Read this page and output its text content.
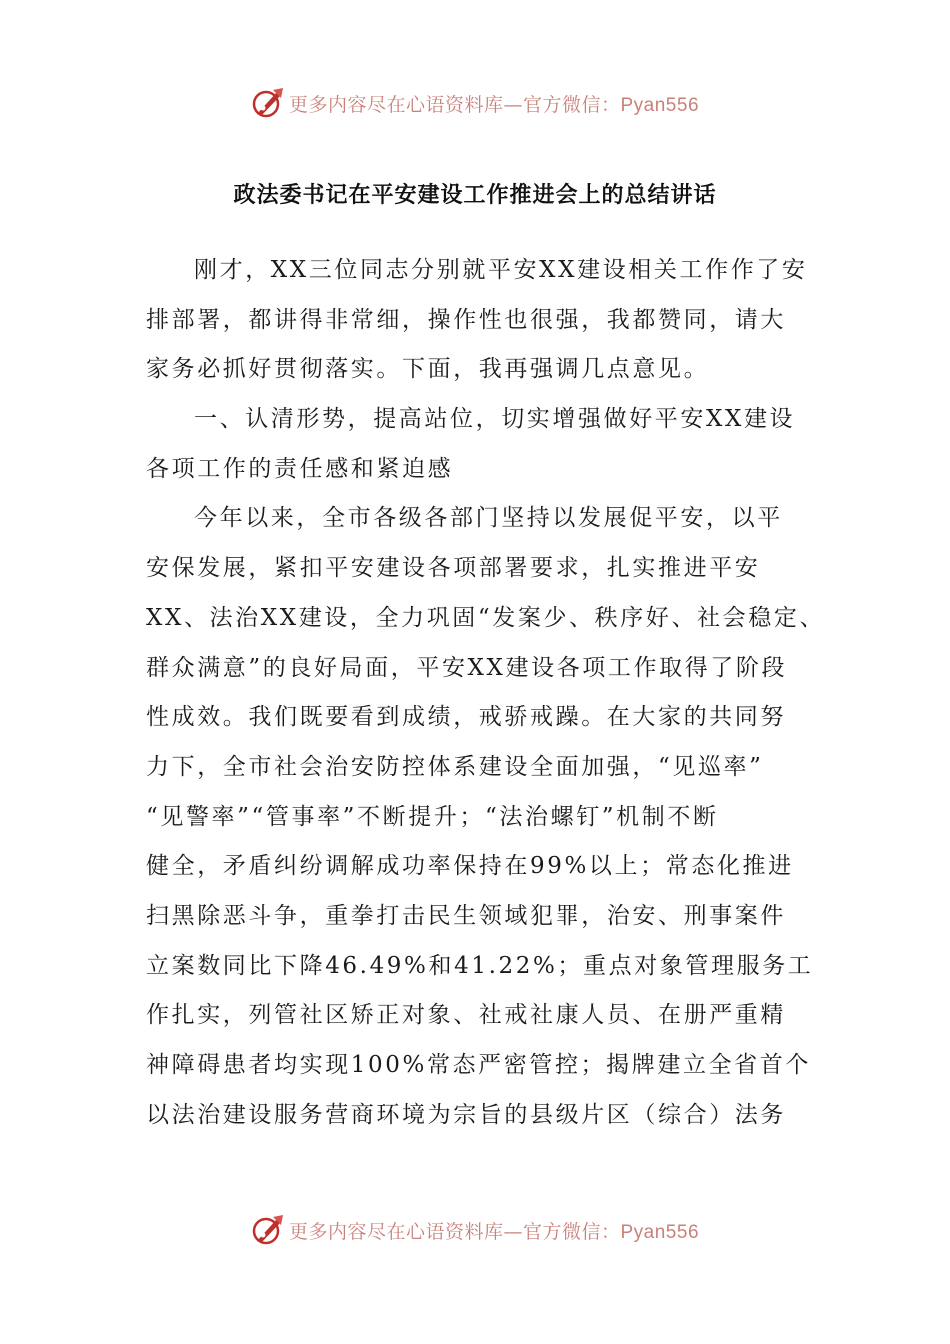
更多内容尽在心语资料库—官方微信：Pyan556
政法委书记在平安建设工作推进会上的总结讲话
刚才，XX三位同志分别就平安XX建设相关工作作了安
排部署，都讲得非常细，操作性也很强，我都赞同，请大
家务必抓好贯彻落实。下面，我再强调几点意见。
一、认清形势，提高站位，切实增强做好平安XX建设
各项工作的责任感和紧迫感
今年以来，全市各级各部门坚持以发展促平安，以平
安保发展，紧扣平安建设各项部署要求，扎实推进平安
XX、法治XX建设，全力巩固“发案少、秩序好、社会稳定、
群众满意”的良好局面，平安XX建设各项工作取得了阶段
性成效。我们既要看到成绩，戒骄戒躁。在大家的共同努
力下，全市社会治安防控体系建设全面加强，“见巡率”
“见警率”“管事率”不断提升；“法治螺钉”机制不断
健全，矛盾纠纷调解成功率保持在99%以上；常态化推进
扫黑除恶斗争，重拳打击民生领域犯罪，治安、刑事案件
立案数同比下降46.49%和41.22%；重点对象管理服务工
作扎实，列管社区矫正对象、社戒社康人员、在册严重精
神障碍患者均实现100%常态严密管控；揭牌建立全省首个
以法治建设服务营商环境为宗旨的县级片区（综合）法务
更多内容尽在心语资料库—官方微信：Pyan556
